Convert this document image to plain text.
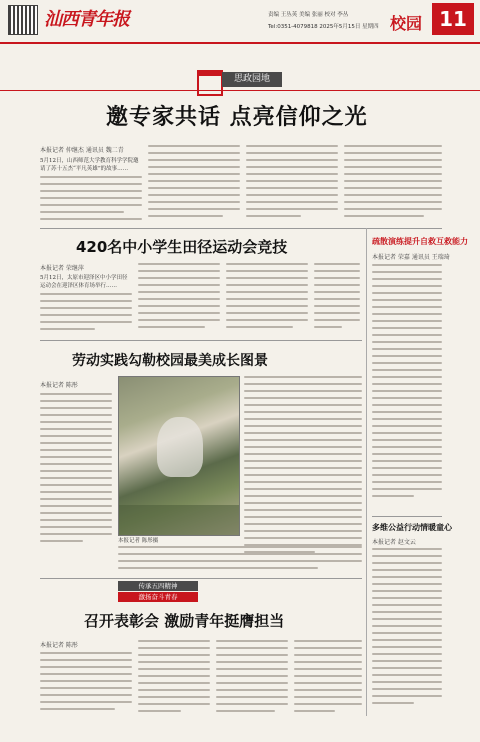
汕西青年报	责编 王丛英 美编 张丽 校对 李丛
Tel:0351-4079818 2025年5月15日 星期四 校园 11
思政园地
邀专家共话 点亮信仰之光
本报记者 仲继杰 通讯员 魏二青
5月12日，山西师范大学教育科学学院邀请了苏十五杰“平凡英雄”的故事……
420名中小学生田径运动会竞技
本报记者 荣继萍
5月12日，太原市迎泽区中小学田径运动会在迎泽区体育场举行……
疏散演练提升自救互救能力
本报记者 荣嘉 通讯员 王瑞琦
劳动实践勾勒校园最美成长图景
本报记者 陈彤
本报记者 陈彤摄
传承五四精神
激扬奋斗青春
多维公益行动情暖童心
本报记者 赵文云
召开表彰会 激励青年挺膺担当
本报记者 陈彤
